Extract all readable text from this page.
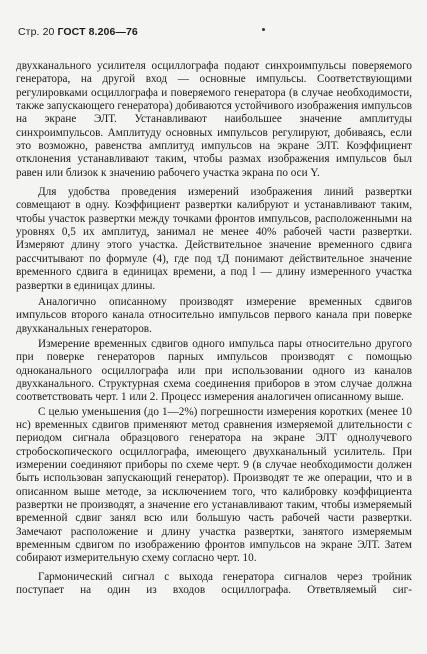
Стр. 20 ГОСТ 8.206—76

двухканального усилителя осциллографа подают синхроимпульсы поверяемого генератора, на другой вход — основные импульсы. Соответствующими регулировками осциллографа и поверяемого генератора (в случае необходимости, также запускающего генератора) добиваются устойчивого изображения импульсов на экране ЭЛТ. Устанавливают наибольшее значение амплитуды синхроимпульсов. Амплитуду основных импульсов регулируют, добиваясь, если это возможно, равенства амплитуд импульсов на экране ЭЛТ. Коэффициент отклонения устанавливают таким, чтобы размах изображения импульсов был равен или близок к значению рабочего участка экрана по оси Y.

Для удобства проведения измерений изображения линий развертки совмещают в одну. Коэффициент развертки калибруют и устанавливают таким, чтобы участок развертки между точками фронтов импульсов, расположенными на уровнях 0,5 их амплитуд, занимал не менее 40% рабочей части развертки. Измеряют длину этого участка. Действительное значение временного сдвига рассчитывают по формуле (4), где под τД понимают действительное значение временного сдвига в единицах времени, а под l — длину измеренного участка развертки в единицах длины.

Аналогично описанному производят измерение временных сдвигов импульсов второго канала относительно импульсов первого канала при поверке двухканальных генераторов.

Измерение временных сдвигов одного импульса пары относительно другого при поверке генераторов парных импульсов производят с помощью одноканального осциллографа или при использовании одного из каналов двухканального. Структурная схема соединения приборов в этом случае должна соответствовать черт. 1 или 2. Процесс измерения аналогичен описанному выше.

С целью уменьшения (до 1—2%) погрешности измерения коротких (менее 10 нс) временных сдвигов применяют метод сравнения измеряемой длительности с периодом сигнала образцового генератора на экране ЭЛТ однолучевого стробоскопического осциллографа, имеющего двухканальный усилитель. При измерении соединяют приборы по схеме черт. 9 (в случае необходимости должен быть использован запускающий генератор). Производят те же операции, что и в описанном выше методе, за исключением того, что калибровку коэффициента развертки не производят, а значение его устанавливают таким, чтобы измеряемый временной сдвиг занял всю или большую часть рабочей части развертки. Замечают расположение и длину участка развертки, занятого измеряемым временным сдвигом по изображению фронтов импульсов на экране ЭЛТ. Затем собирают измерительную схему согласно черт. 10.

Гармонический сигнал с выхода генератора сигналов через тройник поступает на один из входов осциллографа. Ответвляемый сиг-
